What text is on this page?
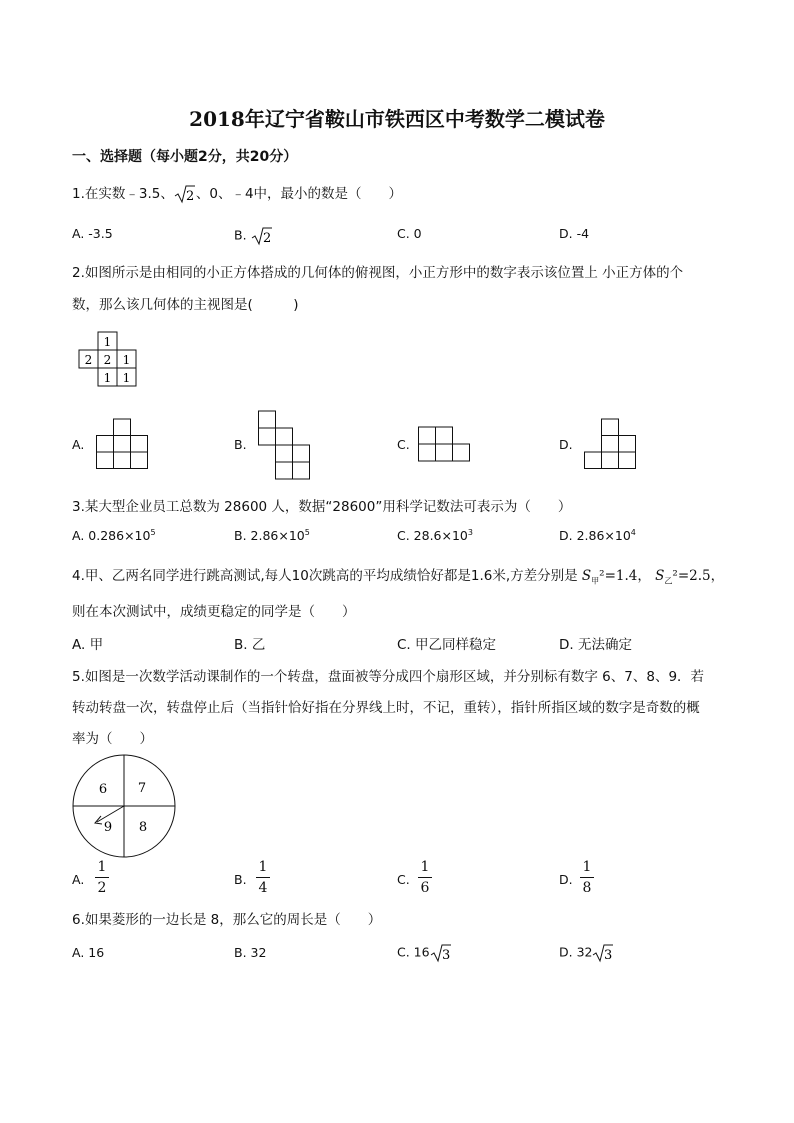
2018年辽宁省鞍山市铁西区中考数学二模试卷
一、选择题（每小题2分，共20分）
1.在实数﹣3.5、 2 、0、﹣4中，最小的数是（　　）
A. -3.5	B. 2	C. 0	D. -4
2.如图所示是由相同的小正方体搭成的几何体的俯视图，小正方形中的数字表示该位置上 小正方体的个
数，那么该几何体的主视图是(　　　)
1
2 2 1
1 1
A.	B.	C.	D.
3.某大型企业员工总数为 28600 人，数据“28600”用科学记数法可表示为（　　）
A. $0.286\times 10^5$	B. $2.86\times 10^5$	C. $28.6\times 10^3$	D. $2.86\times 10^4$
4.甲、乙两名同学进行跳高测试,每人10次跳高的平均成绩恰好都是1.6米,方差分别是 $S_甲^2=1.4$， $S_乙^2=2.5$，
则在本次测试中，成绩更稳定的同学是（　　）
A. 甲	B. 乙	C. 甲乙同样稳定	D. 无法确定
5.如图是一次数学活动课制作的一个转盘，盘面被等分成四个扇形区域，并分别标有数字 6、7、8、9．若
转动转盘一次，转盘停止后（当指针恰好指在分界线上时，不记，重转），指针所指区域的数字是奇数的概
率为（　　）
6 7
9 8
A.
1
2
B.
1
4
C.
1
6
D.
1
8
6.如果菱形的一边长是 8，那么它的周长是（　　）
A. 16	B. 32	C. 16 3	D. 32 3
